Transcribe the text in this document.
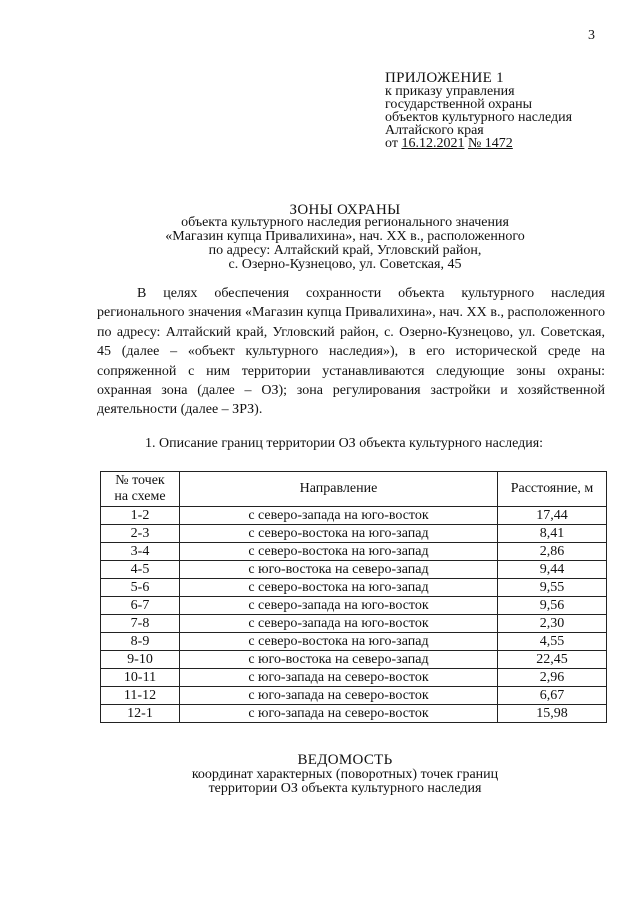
3
ПРИЛОЖЕНИЕ 1
к приказу управления
государственной охраны
объектов культурного наследия
Алтайского края
от 16.12.2021 № 1472
ЗОНЫ ОХРАНЫ
объекта культурного наследия регионального значения
«Магазин купца Привалихина», нач. XX в., расположенного
по адресу: Алтайский край, Угловский район,
с. Озерно-Кузнецово, ул. Советская, 45

В целях обеспечения сохранности объекта культурного наследия регионального значения «Магазин купца Привалихина», нач. XX в., расположенного по адресу: Алтайский край, Угловский район, с. Озерно-Кузнецово, ул. Советская, 45 (далее – «объект культурного наследия»), в его исторической среде на сопряженной с ним территории устанавливаются следующие зоны охраны: охранная зона (далее – ОЗ); зона регулирования застройки и хозяйственной деятельности (далее – ЗРЗ).

1. Описание границ территории ОЗ объекта культурного наследия:
№ точек
на схеме	Направление	Расстояние, м
1-2	с северо-запада на юго-восток	17,44
2-3	с северо-востока на юго-запад	8,41
3-4	с северо-востока на юго-запад	2,86
4-5	с юго-востока на северо-запад	9,44
5-6	с северо-востока на юго-запад	9,55
6-7	с северо-запада на юго-восток	9,56
7-8	с северо-запада на юго-восток	2,30
8-9	с северо-востока на юго-запад	4,55
9-10	с юго-востока на северо-запад	22,45
10-11	с юго-запада на северо-восток	2,96
11-12	с юго-запада на северо-восток	6,67
12-1	с юго-запада на северо-восток	15,98
ВЕДОМОСТЬ
координат характерных (поворотных) точек границ
территории ОЗ объекта культурного наследия
